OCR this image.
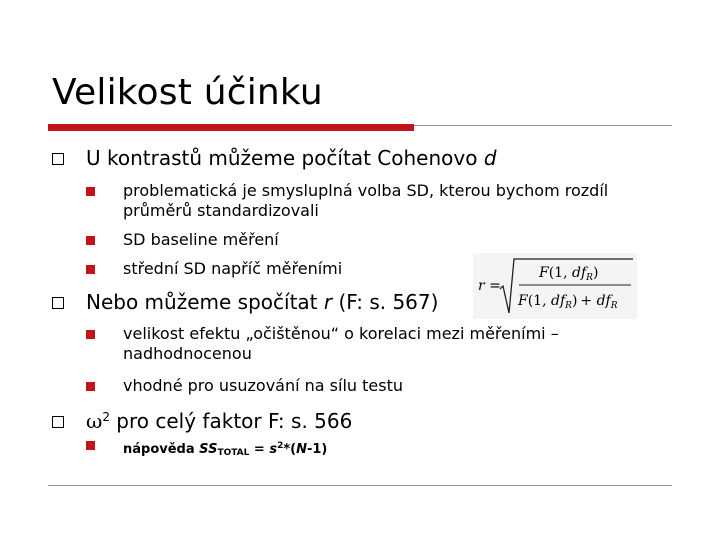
Velikost účinku
U kontrastů můžeme počítat Cohenovo d
problematická je smysluplná volba SD, kterou bychom rozdíl průměrů standardizovali
SD baseline měření
střední SD napříč měřeními
r =
F(1, $df_R$)
F(1, $df_R) + df_R$
Nebo můžeme spočítat r (F: s. 567)
velikost efektu „očištěnou“ o korelaci mezi měřeními – nadhodnocenou
vhodné pro usuzování na sílu testu
$\omega^2$ pro celý faktor F: s. 566
nápověda $SS_{TOTAL} = s^2*(N-1)$
